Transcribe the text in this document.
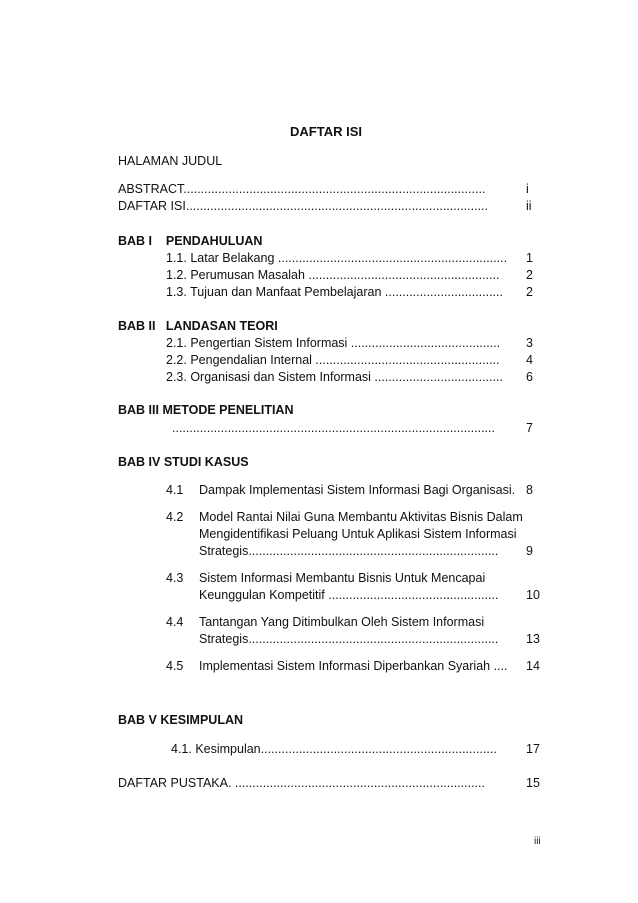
DAFTAR ISI
HALAMAN JUDUL
ABSTRACT.......................................................................................	i
DAFTAR ISI.......................................................................................	ii
BAB I    PENDAHULUAN
1.1. Latar Belakang ..................................................................	1
1.2. Perumusan Masalah .......................................................	2
1.3. Tujuan dan Manfaat Pembelajaran ..................................	2
BAB II   LANDASAN TEORI
2.1. Pengertian Sistem Informasi ...........................................	3
2.2. Pengendalian Internal .....................................................	4
2.3. Organisasi dan Sistem Informasi .....................................	6
BAB III METODE PENELITIAN
.............................................................................................	7
BAB IV STUDI KASUS
4.1 Dampak Implementasi Sistem Informasi Bagi Organisasi. 8
4.2 Model Rantai Nilai Guna Membantu Aktivitas Bisnis Dalam
Mengidentifikasi Peluang Untuk Aplikasi Sistem Informasi
Strategis........................................................................	9
4.3 Sistem Informasi Membantu Bisnis Untuk Mencapai
Keunggulan Kompetitif .................................................	10
4.4 Tantangan Yang Ditimbulkan Oleh Sistem Informasi
Strategis........................................................................	13
4.5 Implementasi Sistem Informasi Diperbankan Syariah .... 14
BAB V KESIMPULAN
4.1. Kesimpulan....................................................................	17
DAFTAR PUSTAKA. ........................................................................	15
iii
